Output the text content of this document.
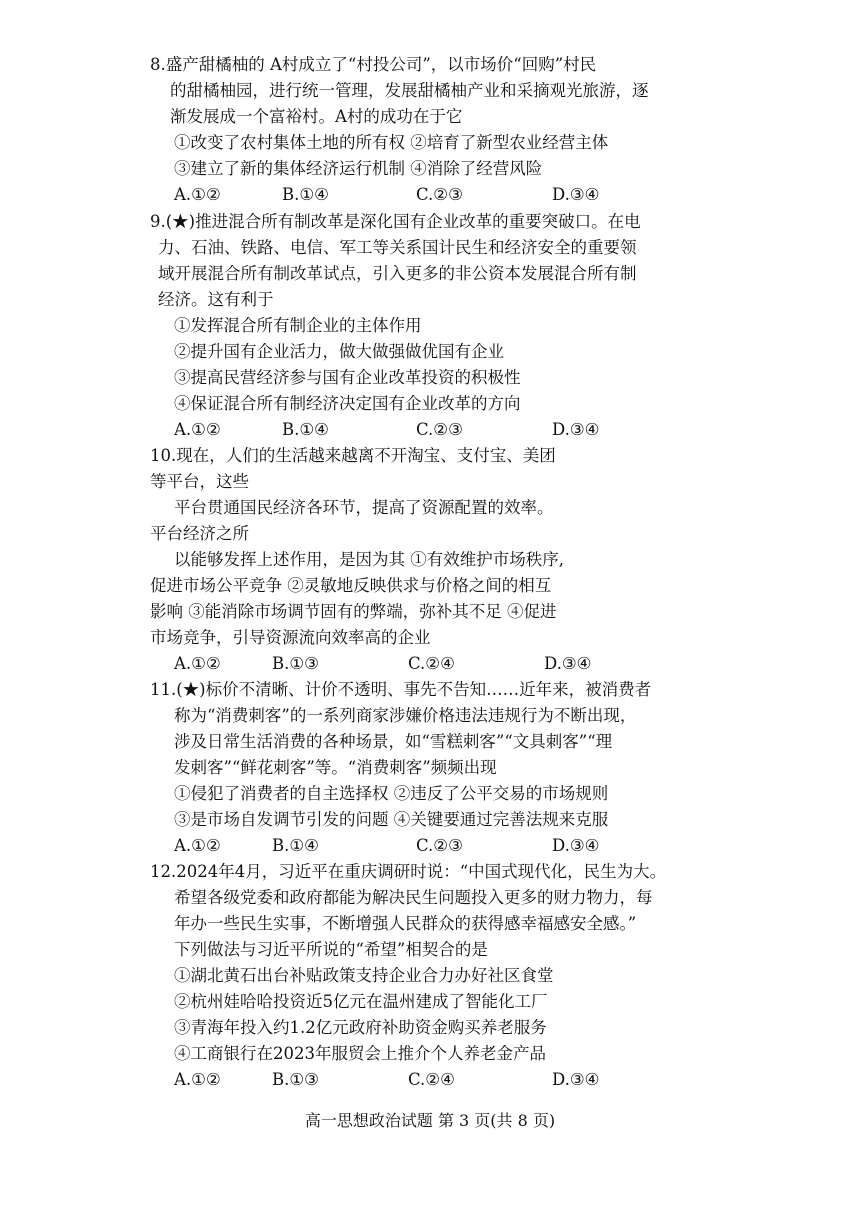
8.盛产甜橘柚的 A村成立了“村投公司”，以市场价“回购”村民
的甜橘柚园，进行统一管理，发展甜橘柚产业和采摘观光旅游，逐
渐发展成一个富裕村。A村的成功在于它
①改变了农村集体土地的所有权 ②培育了新型农业经营主体
③建立了新的集体经济运行机制 ④消除了经营风险
A.①②	B.①④	C.②③	D.③④
9.(★)推进混合所有制改革是深化国有企业改革的重要突破口。在电
力、石油、铁路、电信、军工等关系国计民生和经济安全的重要领
域开展混合所有制改革试点，引入更多的非公资本发展混合所有制
经济。这有利于
①发挥混合所有制企业的主体作用
②提升国有企业活力，做大做强做优国有企业
③提高民营经济参与国有企业改革投资的积极性
④保证混合所有制经济决定国有企业改革的方向
A.①②	B.①④	C.②③	D.③④
10.现在，人们的生活越来越离不开淘宝、支付宝、美团
等平台，这些
平台贯通国民经济各环节，提高了资源配置的效率。
平台经济之所
以能够发挥上述作用，是因为其 ①有效维护市场秩序,
促进市场公平竞争 ②灵敏地反映供求与价格之间的相互
影响 ③能消除市场调节固有的弊端，弥补其不足 ④促进
市场竞争，引导资源流向效率高的企业
A.①②	B.①③	C.②④	D.③④
11.(★)标价不清晰、计价不透明、事先不告知……近年来，被消费者
称为“消费刺客”的一系列商家涉嫌价格违法违规行为不断出现，
涉及日常生活消费的各种场景，如“雪糕刺客”“文具刺客”“理
发刺客”“鲜花刺客”等。“消费刺客”频频出现
①侵犯了消费者的自主选择权 ②违反了公平交易的市场规则
③是市场自发调节引发的问题 ④关键要通过完善法规来克服
A.①②	B.①④	C.②③	D.③④
12.2024年4月，习近平在重庆调研时说：“中国式现代化，民生为大。
希望各级党委和政府都能为解决民生问题投入更多的财力物力，每
年办一些民生实事，不断增强人民群众的获得感幸福感安全感。”
下列做法与习近平所说的“希望”相契合的是
①湖北黄石出台补贴政策支持企业合力办好社区食堂
②杭州娃哈哈投资近5亿元在温州建成了智能化工厂
③青海年投入约1.2亿元政府补助资金购买养老服务
④工商银行在2023年服贸会上推介个人养老金产品
A.①②	B.①③	C.②④	D.③④
高一思想政治试题 第 3 页(共 8 页)
